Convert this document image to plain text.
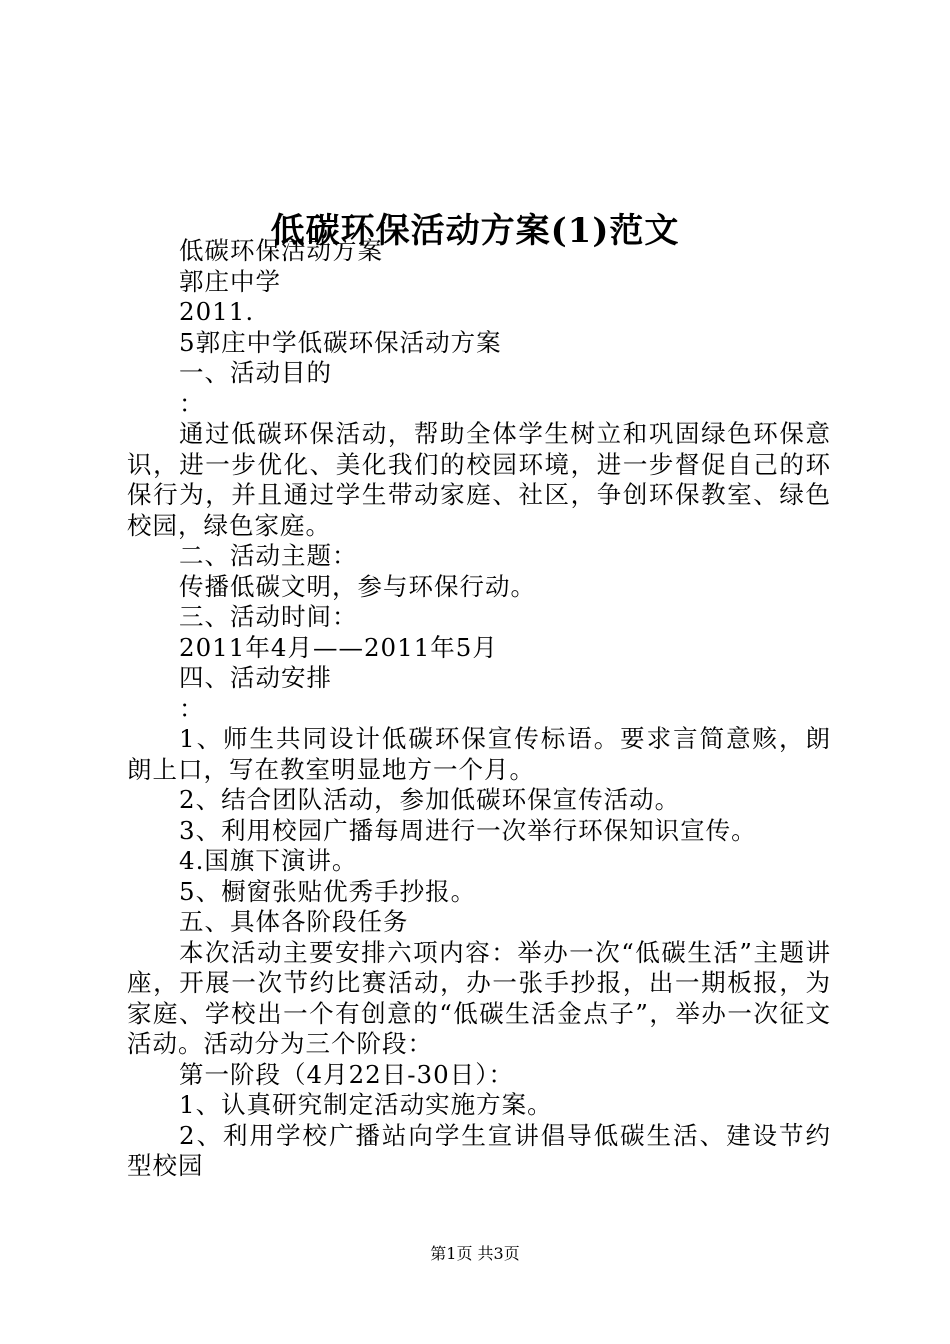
低碳环保活动方案(1)范文

低碳环保活动方案

郭庄中学

2011.

5郭庄中学低碳环保活动方案

一、活动目的

：

通过低碳环保活动，帮助全体学生树立和巩固绿色环保意识，进一步优化、美化我们的校园环境，进一步督促自己的环保行为，并且通过学生带动家庭、社区，争创环保教室、绿色校园，绿色家庭。

二、活动主题：

传播低碳文明，参与环保行动。

三、活动时间：

2011年4月——2011年5月

四、活动安排

：

1、师生共同设计低碳环保宣传标语。要求言简意赅，朗朗上口，写在教室明显地方一个月。

2、结合团队活动，参加低碳环保宣传活动。

3、利用校园广播每周进行一次举行环保知识宣传。

4.国旗下演讲。

5、橱窗张贴优秀手抄报。

五、具体各阶段任务

本次活动主要安排六项内容：举办一次“低碳生活”主题讲座，开展一次节约比赛活动，办一张手抄报，出一期板报，为家庭、学校出一个有创意的“低碳生活金点子”，举办一次征文活动。活动分为三个阶段：

第一阶段（4月22日-30日）：

1、认真研究制定活动实施方案。

2、利用学校广播站向学生宣讲倡导低碳生活、建设节约型校园

第1页 共3页
